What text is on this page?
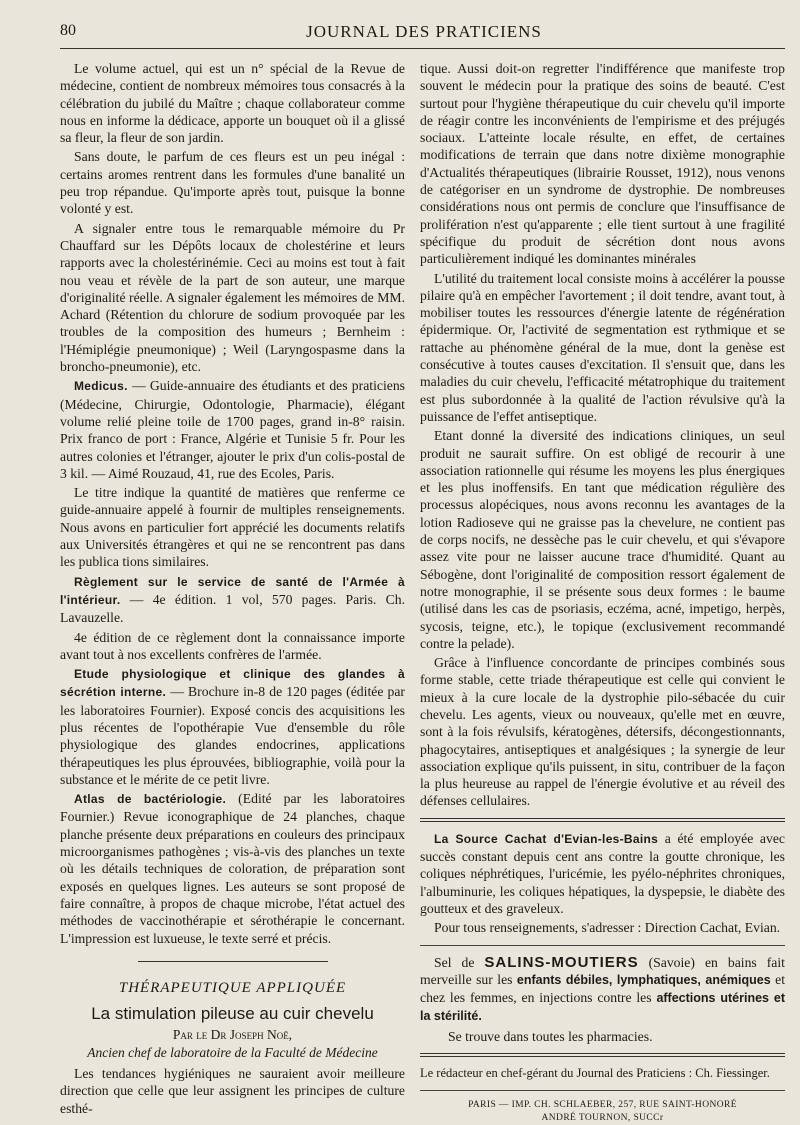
80	JOURNAL DES PRATICIENS

Le volume actuel, qui est un n° spécial de la Revue de médecine, contient de nombreux mémoires tous consacrés à la célébration du jubilé du Maître ; chaque collaborateur comme nous en informe la dédicace, apporte un bouquet où il a glissé sa fleur, la fleur de son jardin.

Sans doute, le parfum de ces fleurs est un peu inégal : certains aromes rentrent dans les formules d'une banalité un peu trop répandue. Qu'importe après tout, puisque la bonne volonté y est.

A signaler entre tous le remarquable mémoire du Pr Chauffard sur les Dépôts locaux de cholestérine et leurs rapports avec la cholestérinémie. Ceci au moins est tout à fait nou veau et révèle de la part de son auteur, une marque d'originalité réelle. A signaler également les mémoires de MM. Achard (Rétention du chlorure de sodium provoquée par les troubles de la composition des humeurs ; Bernheim : l'Hémiplégie pneumonique) ; Weil (Laryngospasme dans la broncho-pneumonie), etc.

Medicus. — Guide-annuaire des étudiants et des praticiens (Médecine, Chirurgie, Odontologie, Pharmacie), élégant volume relié pleine toile de 1700 pages, grand in-8° raisin. Prix franco de port : France, Algérie et Tunisie 5 fr. Pour les autres colonies et l'étranger, ajouter le prix d'un colis-postal de 3 kil. — Aimé Rouzaud, 41, rue des Ecoles, Paris.

Le titre indique la quantité de matières que renferme ce guide-annuaire appelé à fournir de multiples renseignements. Nous avons en particulier fort apprécié les documents relatifs aux Universités étrangères et qui ne se rencontrent pas dans les publica tions similaires.

Règlement sur le service de santé de l'Armée à l'intérieur. — 4e édition. 1 vol, 570 pages. Paris. Ch. Lavauzelle.

4e édition de ce règlement dont la connaissance importe avant tout à nos excellents confrères de l'armée.

Etude physiologique et clinique des glandes à sécrétion interne. — Brochure in-8 de 120 pages (éditée par les laboratoires Fournier). Exposé concis des acquisitions les plus récentes de l'opothérapie Vue d'ensemble du rôle physiologique des glandes endocrines, applications thérapeutiques les plus éprouvées, bibliographie, voilà pour la substance et le mérite de ce petit livre.

Atlas de bactériologie. (Edité par les laboratoires Fournier.) Revue iconographique de 24 planches, chaque planche présente deux préparations en couleurs des principaux microorganismes pathogènes ; vis-à-vis des planches un texte où les détails techniques de coloration, de préparation sont exposés en quelques lignes. Les auteurs se sont proposé de faire connaître, à propos de chaque microbe, l'état actuel des méthodes de vaccinothérapie et sérothérapie le concernant. L'impression est luxueuse, le texte serré et précis.

THÉRAPEUTIQUE APPLIQUÉE
La stimulation pileuse au cuir chevelu
Par le Dr Joseph Noë,
Ancien chef de laboratoire de la Faculté de Médecine

Les tendances hygiéniques ne sauraient avoir meilleure direction que celle que leur assignent les principes de culture esthé-

tique. Aussi doit-on regretter l'indifférence que manifeste trop souvent le médecin pour la pratique des soins de beauté. C'est surtout pour l'hygiène thérapeutique du cuir chevelu qu'il importe de réagir contre les inconvénients de l'empirisme et des préjugés sociaux. L'atteinte locale résulte, en effet, de certaines modifications de terrain que dans notre dixième monographie d'Actualités thérapeutiques (librairie Rousset, 1912), nous venons de catégoriser en un syndrome de dystrophie. De nombreuses considérations nous ont permis de conclure que l'insuffisance de prolifération n'est qu'apparente ; elle tient surtout à une fragilité spécifique du produit de sécrétion dont nous avons particulièrement indiqué les dominantes minérales

L'utilité du traitement local consiste moins à accélérer la pousse pilaire qu'à en empêcher l'avortement ; il doit tendre, avant tout, à mobiliser toutes les ressources d'énergie latente de régénération épidermique. Or, l'activité de segmentation est rythmique et se rattache au phénomène général de la mue, dont la genèse est consécutive à toutes causes d'excitation. Il s'ensuit que, dans les maladies du cuir chevelu, l'efficacité métatrophique du traitement est plus subordonnée à la qualité de l'action révulsive qu'à la puissance de l'effet antiseptique.

Etant donné la diversité des indications cliniques, un seul produit ne saurait suffire. On est obligé de recourir à une association rationnelle qui résume les moyens les plus énergiques et les plus inoffensifs. En tant que médication régulière des processus alopéciques, nous avons reconnu les avantages de la lotion Radioseve qui ne graisse pas la chevelure, ne contient pas de corps nocifs, ne dessèche pas le cuir chevelu, et qui s'évapore assez vite pour ne laisser aucune trace d'humidité. Quant au Sébogène, dont l'originalité de composition ressort également de notre monographie, il se présente sous deux formes : le baume (utilisé dans les cas de psoriasis, eczéma, acné, impetigo, herpès, sycosis, teigne, etc.), le topique (exclusivement recommandé contre la pelade).

Grâce à l'influence concordante de principes combinés sous forme stable, cette triade thérapeutique est celle qui convient le mieux à la cure locale de la dystrophie pilo-sébacée du cuir chevelu. Les agents, vieux ou nouveaux, qu'elle met en œuvre, sont à la fois révulsifs, kératogènes, détersifs, décongestionnants, phagocytaires, antiseptiques et analgésiques ; la synergie de leur association explique qu'ils puissent, in situ, contribuer de la façon la plus heureuse au rappel de l'énergie évolutive et au réveil des défenses cellulaires.

La Source Cachat d'Evian-les-Bains a été employée avec succès constant depuis cent ans contre la goutte chronique, les coliques néphrétiques, l'uricémie, les pyélo-néphrites chroniques, l'albuminurie, les coliques hépatiques, la dyspepsie, le diabète des goutteux et des graveleux.

Pour tous renseignements, s'adresser : Direction Cachat, Evian.

Sel de SALINS-MOUTIERS (Savoie) en bains fait merveille sur les enfants débiles, lymphatiques, anémiques et chez les femmes, en injections contre les affections utérines et la stérilité.

Se trouve dans toutes les pharmacies.

Le rédacteur en chef-gérant du Journal des Praticiens : Ch. Fiessinger.

PARIS — IMP. CH. SCHLAEBER, 257, RUE SAINT-HONORÉ
ANDRÉ TOURNON, SUCCr
